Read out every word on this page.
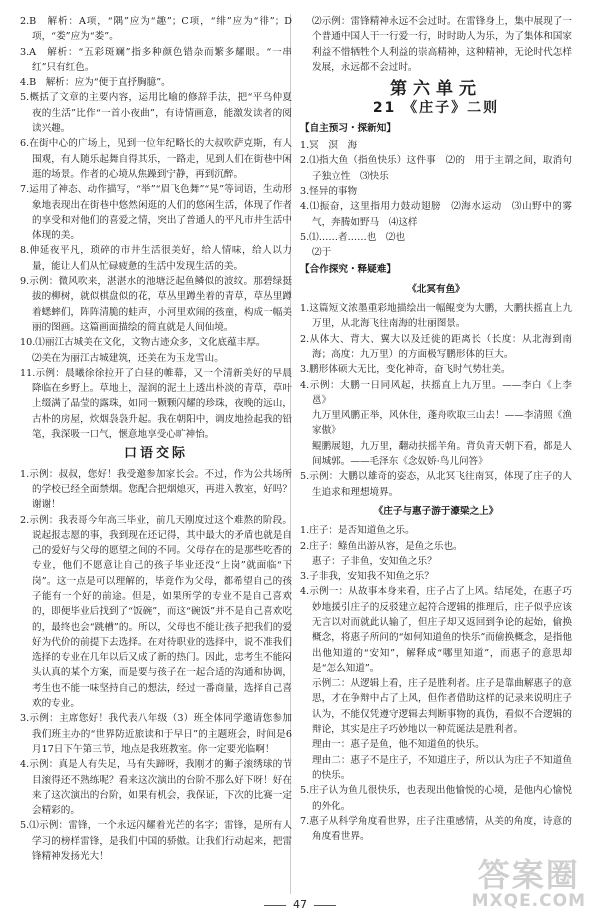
2.B　解析：A项，“隅”应为“趣”；C项，“绯”应为“徘”；D项，“娄”应为“娄”。

3.A　解析：“五彩斑斓”指多种颜色错杂而繁多耀眼。“一串红”只有红色。

4.B　解析：应为“便于直抒胸臆”。

5.概括了文章的主要内容，运用比喻的修辞手法，把“平乌仲夏夜的生活”比作“一首小夜曲”，有诗情画意，能激发读者的阅读兴趣。

6.在街中心的广场上，见到一位年纪略长的大叔吹萨克斯，有人围观，有人随乐起舞自得其乐，一路走，见到人们在街巷中闲逛的场景。作者的心境从焦躁到宁静，再到沉醉。

7.运用了神态、动作描写，“举”“眉飞色舞”“晃”等词语，生动形象地表现出在街巷中悠然闲逛的人们的悠闲生活，体现了作者的享受和对他们的喜爱之情，突出了普通人的平凡市井生活中体现的美。

8.伸延夜平凡，琐碎的市井生活很美好，给人情味，给人以力量，能让人们从忙碌疲惫的生活中发现生活的美。

9.示例：微风吹来，湛湛水的池塘泛起鱼鳞似的波纹。那碧绿挺拔的柳树，就似棋盘似的花，草丛里蹲坐着的青草，草丛里蹲着蟋蟀们，阵阵清脆的蛙声，小河里欢闹的孩童，构成一幅美丽的图画。这篇画面描绘的简直就是人间仙境。

10.⑴丽江古城美在文化，文物古迹众多，文化底蕴丰厚。

⑵美在为丽江古城建筑，还美在为玉龙雪山。

11.示例：晨曦徐徐拉开了白昼的帷幕，又一个清新美好的早晨降临在乡野上。草地上，湿润的泥土上透出朴淡的青草，草叶上缀满了晶莹的露珠，如同一颗颗闪耀的珍珠，夜晚的远山，古朴的房屋，炊烟袅袅升起。我在朝阳中，调皮地捡起我的铅笔，我深吸一口气，惬意地享受心旷神怡。

口语交际

1.示例：叔叔，您好！我受邀参加家长会。不过，作为公共场所的学校已经全面禁烟。您配合把烟熄灭，再进入教室，好吗？谢谢！

2.示例：我表哥今年高三毕业，前几天刚度过这个难熬的阶段。说起报志愿的事，我到现在还记得，其中最大的矛盾也就是自己的爱好与父母的愿望之间的不同。父母存在的是那些吃香的专业，他们不愿意让自己的孩子毕业还没“上岗”就面临“下岗”。这一点是可以理解的，毕竟作为父母，都希望自己的孩子能有一个好的前途。但是，如果所学的专业不是自己喜欢的，即便毕业后找到了“饭碗”，而这“碗饭”并不是自己喜欢吃的，最终也会“跳槽”的。所以，父母也不能让孩子把我们的爱好为代价的前提下去选择。在对待职业的选择中，说不准我们选择的专业在几年以后又成了新的热门。因此，忠考生不能闷头认真的某个方案，而是要与孩子在一起合适的沟通和协调，考生也不能一味坚持自己的想法，经过一番商量，选择自己喜欢的专业。

3.示例：主席您好！我代表八年级（3）班全体同学邀请您参加我们班主办的“世界防近旅读和于早日”的主题班会，时间是6月17日下午第三节，地点是我班教室。你一定要光临啊！

4.示例：真是人有失足，马有失蹄呀，我刚才的狮子滚绣球的节目滚得还不熟练呢？看来这次演出的台阶不那么好下呀！好在来了这次演出的台阶，如果有机会，我保证，下次的比赛一定会精彩的。

5.⑴示例：雷锋，一个永远闪耀着光芒的名字；雷锋，是所有人学习的榜样雷锋，是我们中国的骄傲。让我们行动起来，把雷锋精神发扬光大！

⑵示例：雷锋精神永远不会过时。在雷锋身上，集中展现了一个普通中国人干一行爱一行，时时助人为乐，为了集体和国家利益不惜牺牲个人利益的崇高精神，这种精神，无论时代怎样发展，永远都不会过时。

第六单元
21 《庄子》二则
【自主预习・探新知】

1.冥　溟　海

2.⑴指大鱼（指鱼快乐）这件事　⑵的　用于主谓之间，取消句子独立性　⑶快乐

3.怪异的事物

4.⑴振奋，这里指用力鼓动翅膀　⑵海水运动　⑶山野中的雾气，奔腾如野马　⑷这样

5.⑴……者……也　⑵也

⑵于

【合作探究・释疑难】
《北冥有鱼》

1.这篇短文浓墨重彩地描绘出一幅鲲变为大鹏，大鹏扶摇直上九万里，从北海飞往南海的壮丽图景。

2.从体大、背大、翼大以及迁徙的距离长（长度：从北海到南海；高度：九万里）的方面极写鹏形体的巨大。

3.鹏形体硕大无比，变化神奇，奋飞时气势壮美。

4.示例：大鹏一日同风起，扶摇直上九万里。——李白《上李邕》

九万里风鹏正举，风休住，蓬舟吹取三山去！——李清照《渔家傲》

鲲鹏展翅，九万里，翻动扶摇羊角。背负青天朝下看，都是人间城郭。——毛泽东《念奴娇·鸟儿问答》

5.示例：大鹏以雄奇的姿态，从北冥飞往南冥，体现了庄子的人生追求和理想境界。

《庄子与惠子游于濠梁之上》

1.庄子：是否知道鱼之乐。

2.庄子：鲦鱼出游从容，是鱼之乐也。

惠子：子非鱼，安知鱼之乐？

3.子非我，安知我不知鱼之乐？

4.示例一：从故事本身来看，庄子占了上风。结尾处，在惠子巧妙地援引庄子的反驳建立起符合逻辑的推理后，庄子似乎应该无言以对而就此认输了，但庄子却又返回到争论的起始，偷换概念，将惠子所问的“如何知道鱼的快乐”而偷换概念，是指他出他知道的“安知”，解释成“哪里知道”，而惠子的意思却是“怎么知道”。

示例二：从逻辑上看，庄子是胜利者。庄子是靠曲解惠子的意思，才在争辩中占了上风，但作者借助这样的记录来说明庄子认为，不能仅凭遵守逻辑去判断事物的真伪，看似不合逻辑的辩论，其实是庄子巧妙地以一种荒诞法是胜利者。

理由一：惠子是鱼，他不知道鱼的快乐。

理由二：惠子不是庄子，不知道庄子，所以认为庄子不知道鱼的快乐。

5.庄子认为鱼儿很快乐，也表现出他愉悦的心境，是他内心愉悦的外化。

7.惠子从科学角度看世界，庄子注重感情，从美的角度，诗意的角度看世界。

47
答案圈
MXQE.COM
